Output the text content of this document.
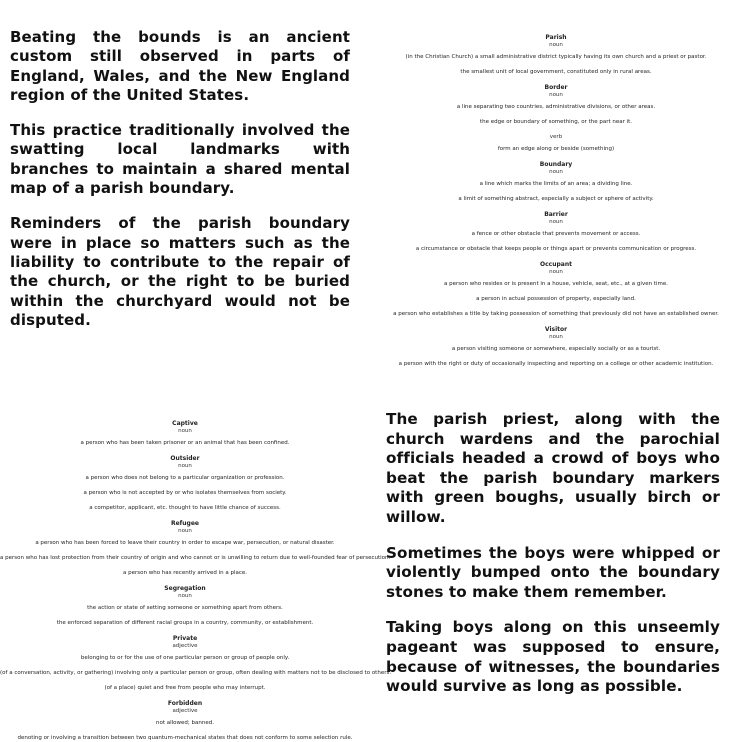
Beating the bounds is an ancient custom still observed in parts of England, Wales, and the New England region of the United States.

This practice traditionally involved the swatting local landmarks with branches to maintain a shared mental map of a parish boundary.

Reminders of the parish boundary were in place so matters such as the liability to contribute to the repair of the church, or the right to be buried within the churchyard would not be disputed.

Parish
noun
(in the Christian Church) a small administrative district typically having its own church and a priest or pastor.
the smallest unit of local government, constituted only in rural areas.
Border
noun
a line separating two countries, administrative divisions, or other areas.
the edge or boundary of something, or the part near it.
verb
form an edge along or beside (something)
Boundary
noun
a line which marks the limits of an area; a dividing line.
a limit of something abstract, especially a subject or sphere of activity.
Barrier
noun
a fence or other obstacle that prevents movement or access.
a circumstance or obstacle that keeps people or things apart or prevents communication or progress.
Occupant
noun
a person who resides or is present in a house, vehicle, seat, etc., at a given time.
a person in actual possession of property, especially land.
a person who establishes a title by taking possession of something that previously did not have an established owner.
Visitor
noun
a person visiting someone or somewhere, especially socially or as a tourist.
a person with the right or duty of occasionally inspecting and reporting on a college or other academic institution.
Captive
noun
a person who has been taken prisoner or an animal that has been confined.
Outsider
noun
a person who does not belong to a particular organization or profession.
a person who is not accepted by or who isolates themselves from society.
a competitor, applicant, etc. thought to have little chance of success.
Refugee
noun
a person who has been forced to leave their country in order to escape war, persecution, or natural disaster.
a person who has lost protection from their country of origin and who cannot or is unwilling to return due to well-founded fear of persecution.
a person who has recently arrived in a place.
Segregation
noun
the action or state of setting someone or something apart from others.
the enforced separation of different racial groups in a country, community, or establishment.
Private
adjective
belonging to or for the use of one particular person or group of people only.
(of a conversation, activity, or gathering) involving only a particular person or group, often dealing with matters not to be disclosed to others.
(of a place) quiet and free from people who may interrupt.
Forbidden
adjective
not allowed; banned.
denoting or involving a transition between two quantum-mechanical states that does not conform to some selection rule.

The parish priest, along with the church wardens and the parochial officials headed a crowd of boys who beat the parish boundary markers with green boughs, usually birch or willow.

Sometimes the boys were whipped or violently bumped onto the boundary stones to make them remember.

Taking boys along on this unseemly pageant was supposed to ensure, because of witnesses, the boundaries would survive as long as possible.
